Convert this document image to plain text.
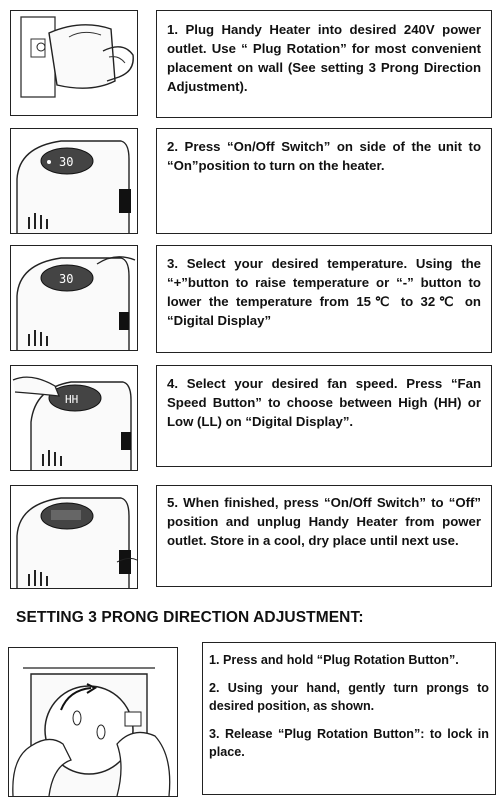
1. Plug Handy Heater into desired 240V power outlet. Use “ Plug Rotation” for most convenient placement on wall (See setting 3 Prong Direction Adjustment).
30
2. Press “On/Off Switch” on side of the unit to “On”position to turn on the heater.
30
3. Select your desired temperature. Using the “+”button to raise temperature or “-” button to lower the temperature from 15℃ to 32℃ on “Digital Display”
HH
4. Select your desired fan speed. Press “Fan Speed Button” to choose between High (HH) or Low (LL) on “Digital Display”.
5. When finished, press “On/Off Switch” to “Off” position and unplug Handy Heater from power outlet. Store in a cool, dry place until next use.
SETTING 3 PRONG DIRECTION ADJUSTMENT:
1. Press and hold “Plug Rotation Button”.
2. Using your hand, gently turn prongs to desired position, as shown.
3. Release “Plug Rotation Button”: to lock in place.
